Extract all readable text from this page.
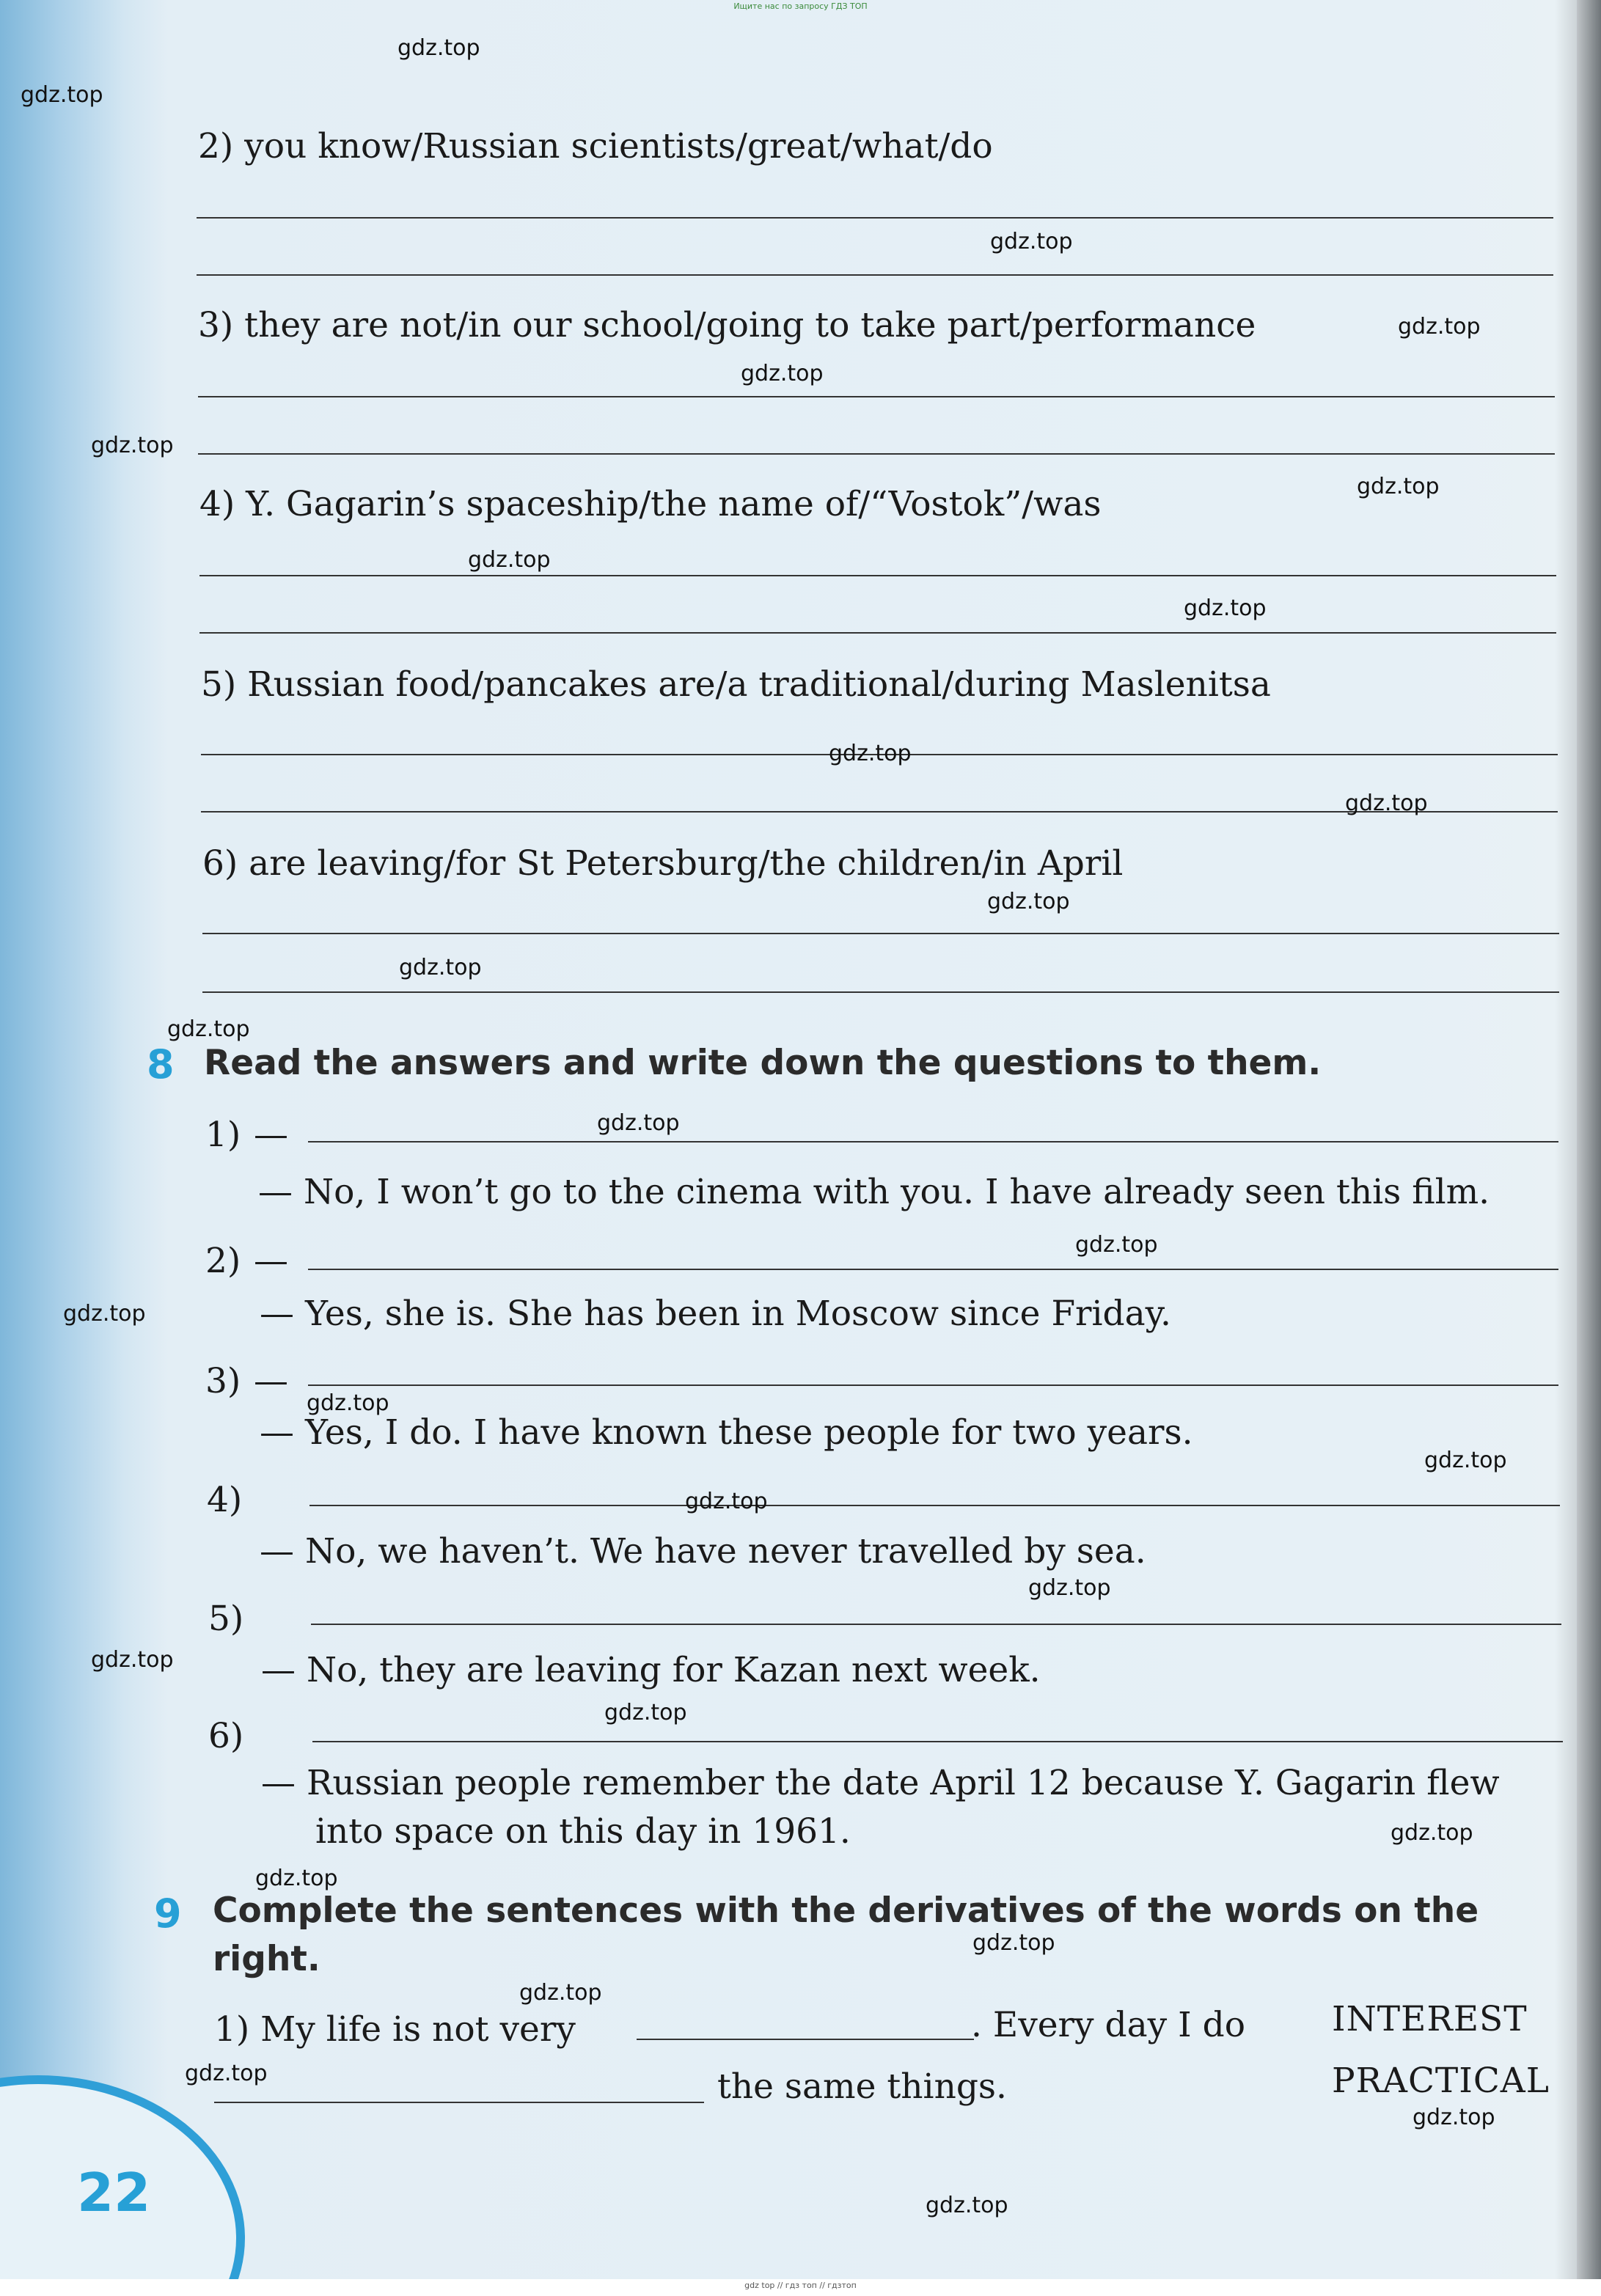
Ищите нас по запросу ГДЗ ТОП
2) you know/Russian scientists/great/what/do
3) they are not/in our school/going to take part/performance
4) Y. Gagarin’s spaceship/the name of/“Vostok”/was
5) Russian food/pancakes are/a traditional/during Maslenitsa
6) are leaving/for St Petersburg/the children/in April
8 Read the answers and write down the questions to them.
1) —
— No, I won’t go to the cinema with you. I have already seen this film.
2) —
— Yes, she is. She has been in Moscow since Friday.
3) —
— Yes, I do. I have known these people for two years.
4)
— No, we haven’t. We have never travelled by sea.
5)
— No, they are leaving for Kazan next week.
6)
— Russian people remember the date April 12 because Y. Gagarin flew
into space on this day in 1961.
9 Complete the sentences with the derivatives of the words on the
right.
1) My life is not very	. Every day I do	INTEREST
the same things.	PRACTICAL
22
gdz.top
gdz.top
gdz.top
gdz.top
gdz.top
gdz.top
gdz.top
gdz.top
gdz.top
gdz.top
gdz.top
gdz.top
gdz.top
gdz.top
gdz.top
gdz.top
gdz.top
gdz.top
gdz.top
gdz.top
gdz.top
gdz.top
gdz.top
gdz.top
gdz.top
gdz.top
gdz.top
gdz.top
gdz.top
gdz.top
gdz top // гдз топ // гдзтоп
